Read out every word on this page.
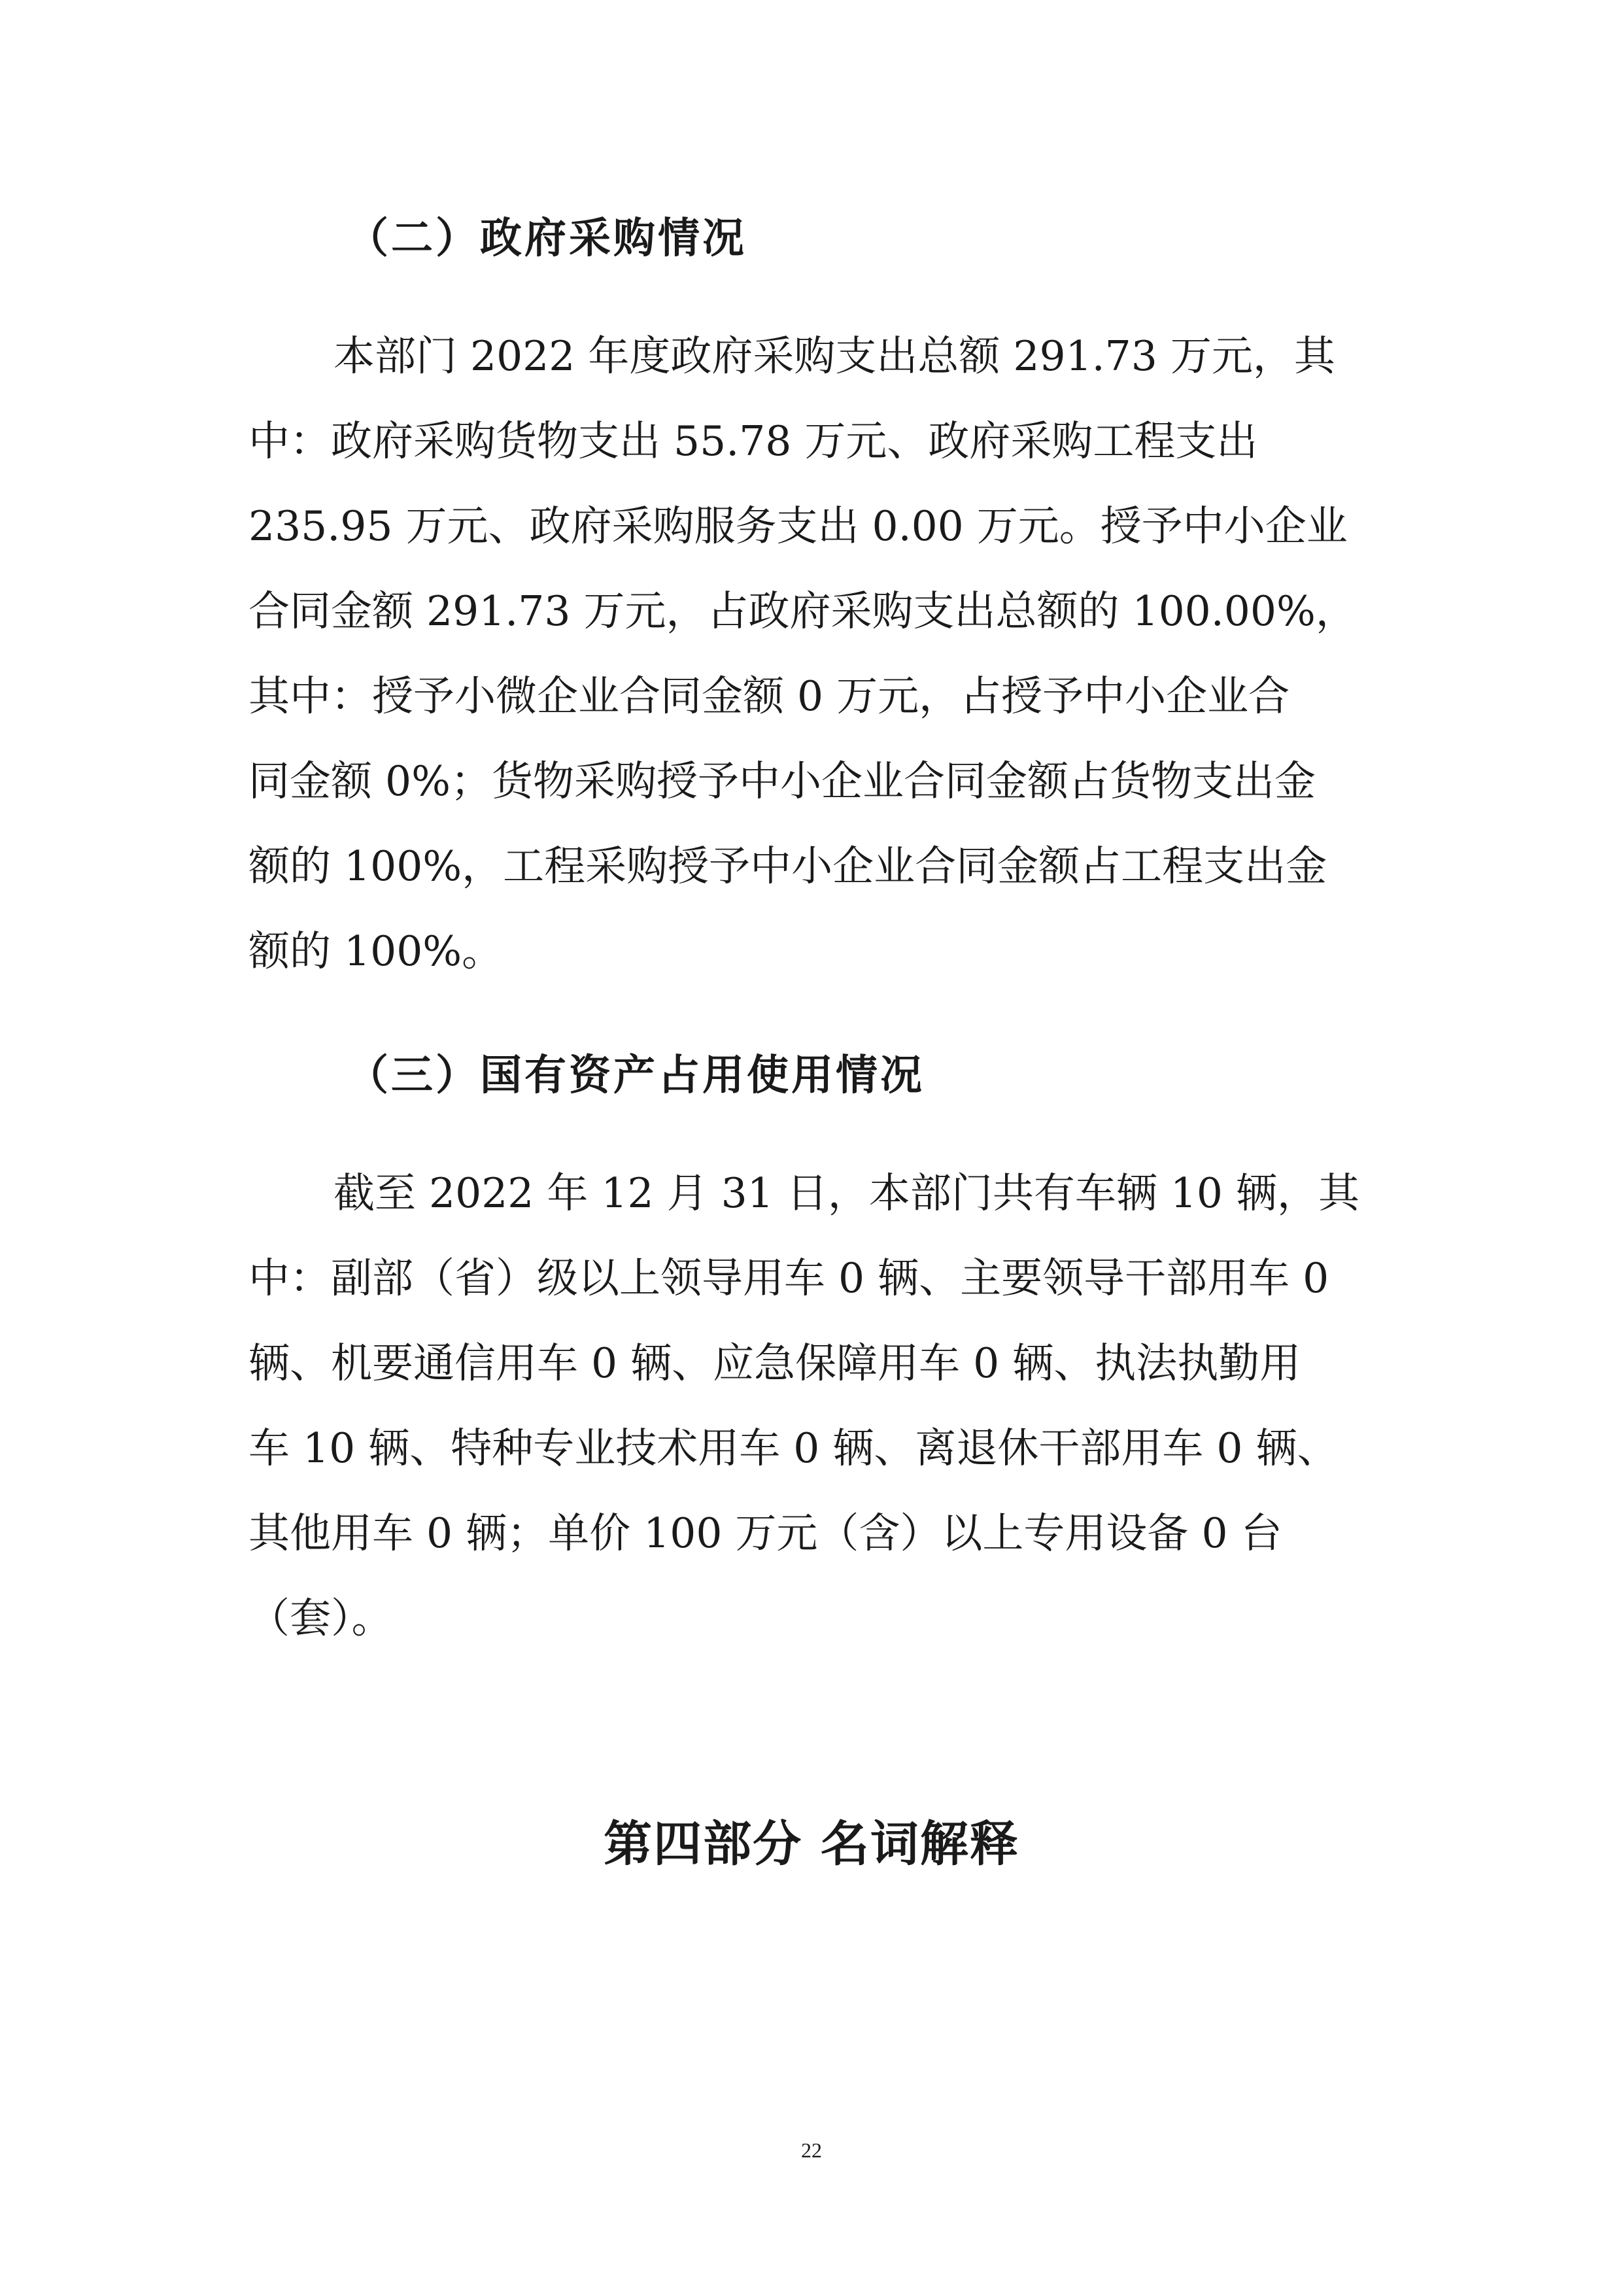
（二）政府采购情况
本部门 2022 年度政府采购支出总额 291.73 万元，其
中：政府采购货物支出 55.78 万元、政府采购工程支出
235.95 万元、政府采购服务支出 0.00 万元。授予中小企业
合同金额 291.73 万元，占政府采购支出总额的 100.00%，
其中：授予小微企业合同金额 0 万元，占授予中小企业合
同金额 0%；货物采购授予中小企业合同金额占货物支出金
额的 100%，工程采购授予中小企业合同金额占工程支出金
额的 100%。
（三）国有资产占用使用情况
截至 2022 年 12 月 31 日，本部门共有车辆 10 辆，其
中：副部（省）级以上领导用车 0 辆、主要领导干部用车 0
辆、机要通信用车 0 辆、应急保障用车 0 辆、执法执勤用
车 10 辆、特种专业技术用车 0 辆、离退休干部用车 0 辆、
其他用车 0 辆；单价 100 万元（含）以上专用设备 0 台
（套）。
第四部分 名词解释
22
